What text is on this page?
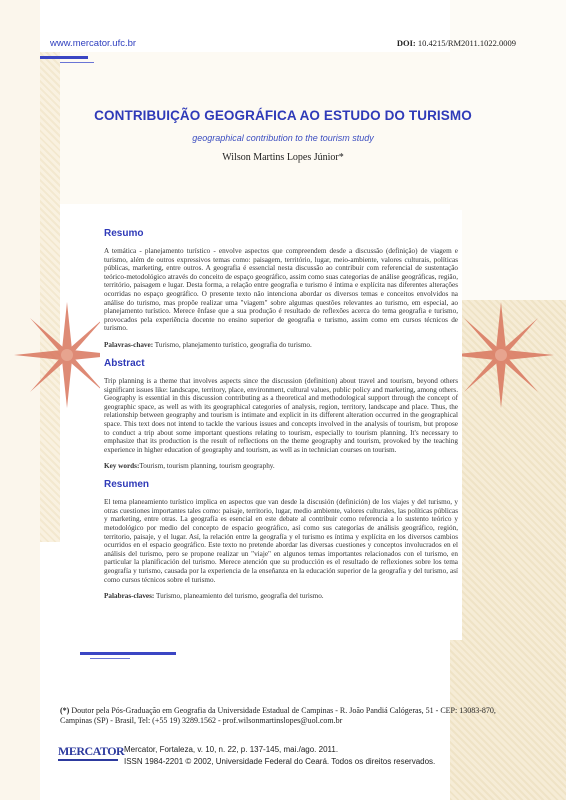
www.mercator.ufc.br	DOI: 10.4215/RM2011.1022.0009
CONTRIBUIÇÃO GEOGRÁFICA AO ESTUDO DO TURISMO
geographical contribution to the tourism study
Wilson Martins Lopes Júnior*
Resumo

A temática - planejamento turístico - envolve aspectos que compreendem desde a discussão (definição) de viagem e turismo, além de outros expressivos temas como: paisagem, território, lugar, meio-ambiente, valores culturais, políticas públicas, marketing, entre outros. A geografia é essencial nesta discussão ao contribuir com referencial de sustentação teórico-metodológico através do conceito de espaço geográfico, assim como suas categorias de análise geográficas, região, território, paisagem e lugar. Desta forma, a relação entre geografia e turismo é íntima e explícita nas diferentes alterações ocorridas no espaço geográfico. O presente texto não intenciona abordar os diversos temas e conceitos envolvidos na análise do turismo, mas propõe realizar uma "viagem" sobre algumas questões relevantes ao turismo, em especial, ao planejamento turístico. Merece ênfase que a sua produção é resultado de reflexões acerca do tema geografia e turismo, provocados pela experiência docente no ensino superior de geografia e turismo, assim como em cursos técnicos de turismo.

Palavras-chave: Turismo, planejamento turístico, geografia do turismo.

Abstract

Trip planning is a theme that involves aspects since the discussion (definition) about travel and tourism, beyond others significant issues like: landscape, territory, place, environment, cultural values, public policy and marketing, among others. Geography is essential in this discussion contributing as a theoretical and methodological support through the concept of geographic space, as well as with its geographical categories of analysis, region, territory, landscape and place. Thus, the relationship between geography and tourism is intimate and explicit in its different alteration occurred in the geographical space. This text does not intend to tackle the various issues and concepts involved in the analysis of tourism, but propose to conduct a trip about some important questions relating to tourism, especially to tourism planning. It's necessary to emphasize that its production is the result of reflections on the theme geography and tourism, provoked by the teaching experience in higher education of geography and tourism, as well as in technician courses on tourism.

Key words:Tourism, tourism planning, tourism geography.

Resumen

El tema planeamiento turístico implica en aspectos que van desde la discusión (definición) de los viajes y del turismo, y otras cuestiones importantes tales como: paisaje, territorio, lugar, medio ambiente, valores culturales, las políticas públicas y marketing, entre otras. La geografía es esencial en este debate al contribuir como referencia a lo sustento teórico y metodológico por medio del concepto de espacio geográfico, así como sus categorías de análisis geográfico, región, territorio, paisaje, y el lugar. Así, la relación entre la geografía y el turismo es íntima y explícita en los diversos cambios ocurridos en el espacio geográfico. Este texto no pretende abordar las diversas cuestiones y conceptos involucrados en el análisis del turismo, pero se propone realizar un "viaje" en algunos temas importantes relacionados con el turismo, en particular la planificación del turismo. Merece atención que su producción es el resultado de reflexiones sobre los tema geografía y turismo, causada por la experiencia de la enseñanza en la educación superior de la geografía y del turismo, así como cursos técnicos sobre el turismo.

Palabras-claves: Turismo, planeamiento del turismo, geografía del turismo.

(*) Doutor pela Pós-Graduação em Geografia da Universidade Estadual de Campinas - R. João Pandiá Calógeras, 51 - CEP: 13083-870, Campinas (SP) - Brasil, Tel: (+55 19) 3289.1562 - prof.wilsonmartinslopes@uol.com.br
MERCATOR Mercator, Fortaleza, v. 10, n. 22, p. 137-145, mai./ago. 2011.
ISSN 1984-2201 © 2002, Universidade Federal do Ceará. Todos os direitos reservados.
